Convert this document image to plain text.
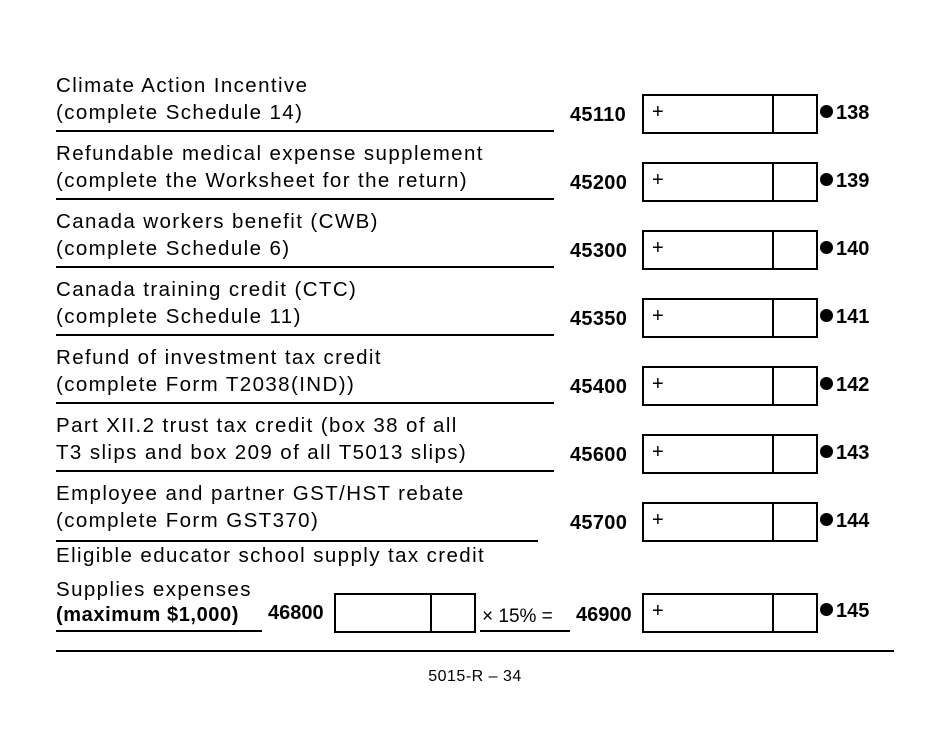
Climate Action Incentive
(complete Schedule 14)	45110 +	138
Refundable medical expense supplement
(complete the Worksheet for the return)	45200 +	139
Canada workers benefit (CWB)
(complete Schedule 6)	45300 +	140
Canada training credit (CTC)
(complete Schedule 11)	45350 +	141
Refund of investment tax credit
(complete Form T2038(IND))	45400 +	142
Part XII.2 trust tax credit (box 38 of all
T3 slips and box 209 of all T5013 slips)	45600 +	143
Employee and partner GST/HST rebate
(complete Form GST370)	45700 +	144
Eligible educator school supply tax credit
Supplies expenses
(maximum $1,000) 46800	× 15% = 46900 +	145
5015-R – 34
